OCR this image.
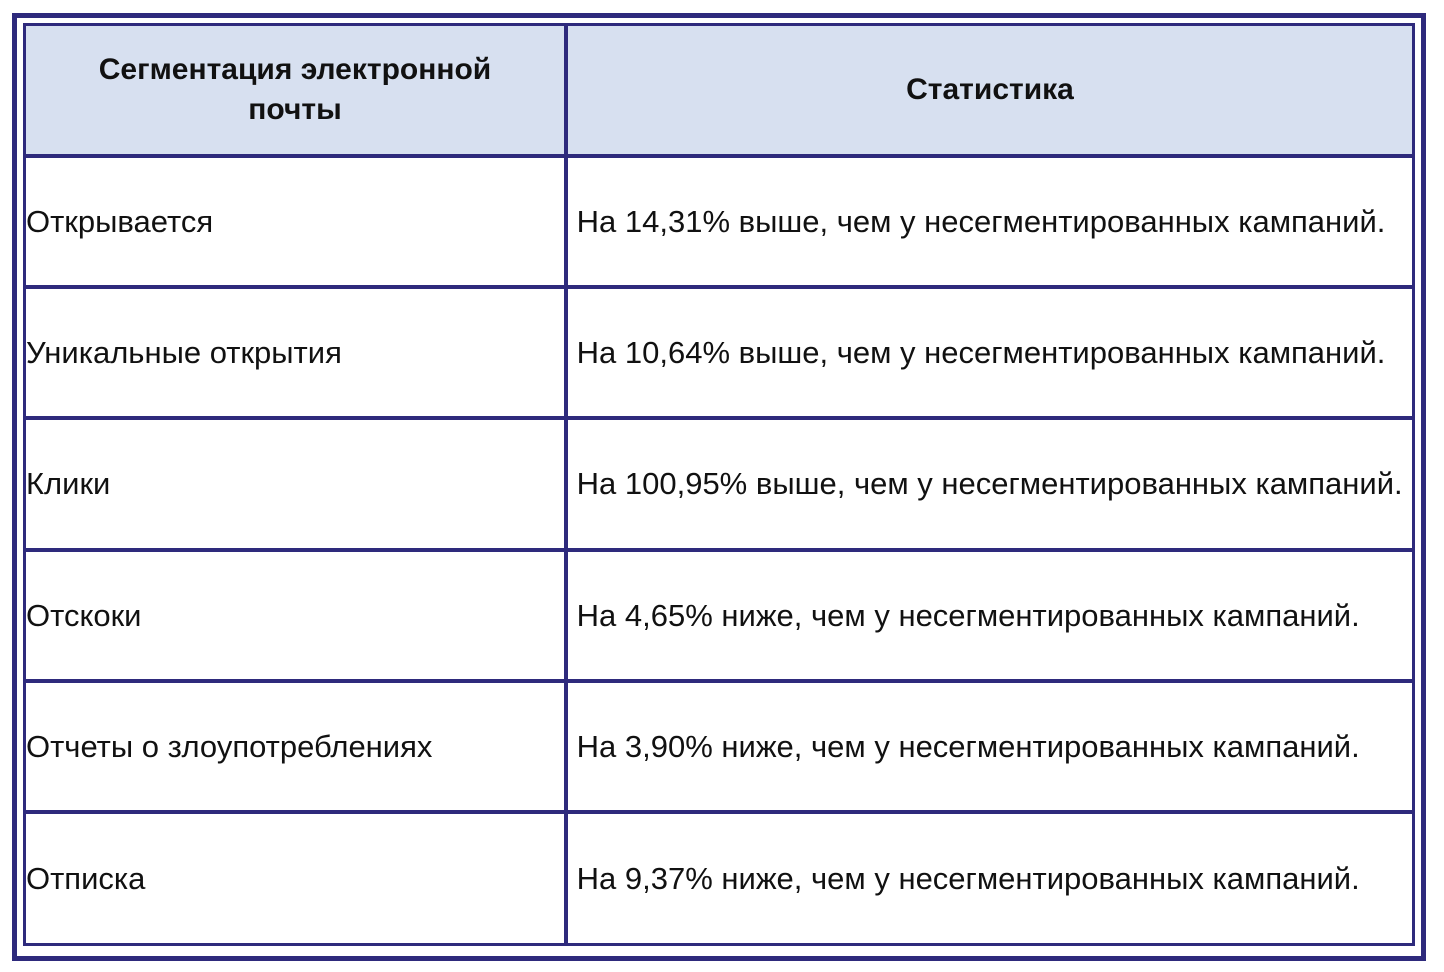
Сегментация электронной почты	Статистика
Открывается	На 14,31% выше, чем у несегментированных кампаний.
Уникальные открытия	На 10,64% выше, чем у несегментированных кампаний.
Клики	На 100,95% выше, чем у несегментированных кампаний.
Отскоки	На 4,65% ниже, чем у несегментированных кампаний.
Отчеты о злоупотреблениях	На 3,90% ниже, чем у несегментированных кампаний.
Отписка	На 9,37% ниже, чем у несегментированных кампаний.
